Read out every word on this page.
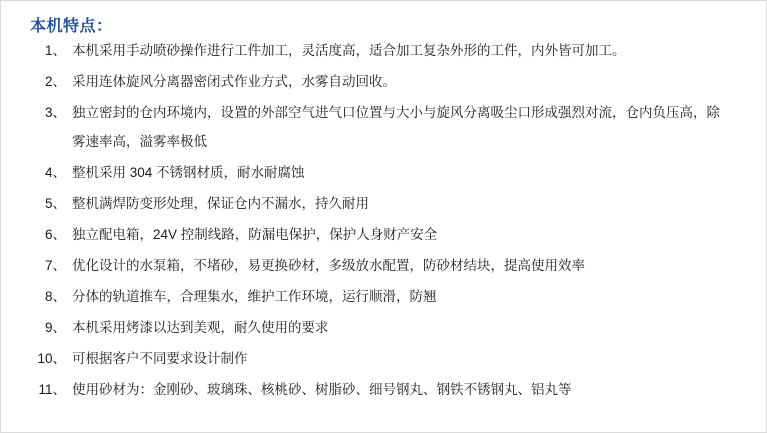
本机特点：
1、 本机采用手动喷砂操作进行工件加工，灵活度高，适合加工复杂外形的工件，内外皆可加工。
2、 采用连体旋风分离器密闭式作业方式，水雾自动回收。
3、 独立密封的仓内环境内，设置的外部空气进气口位置与大小与旋风分离吸尘口形成强烈对流，仓内负压高，除
雾速率高，溢雾率极低
4、 整机采用 304 不锈钢材质，耐水耐腐蚀
5、 整机满焊防变形处理，保证仓内不漏水，持久耐用
6、 独立配电箱，24V 控制线路，防漏电保护，保护人身财产安全
7、 优化设计的水泵箱，不堵砂，易更换砂材，多级放水配置，防砂材结块，提高使用效率
8、 分体的轨道推车，合理集水，维护工作环境，运行顺滑，防翘
9、 本机采用烤漆以达到美观，耐久使用的要求
10、 可根据客户不同要求设计制作
11、 使用砂材为：金刚砂、玻璃珠、核桃砂、树脂砂、细号钢丸、钢铁不锈钢丸、铝丸等
